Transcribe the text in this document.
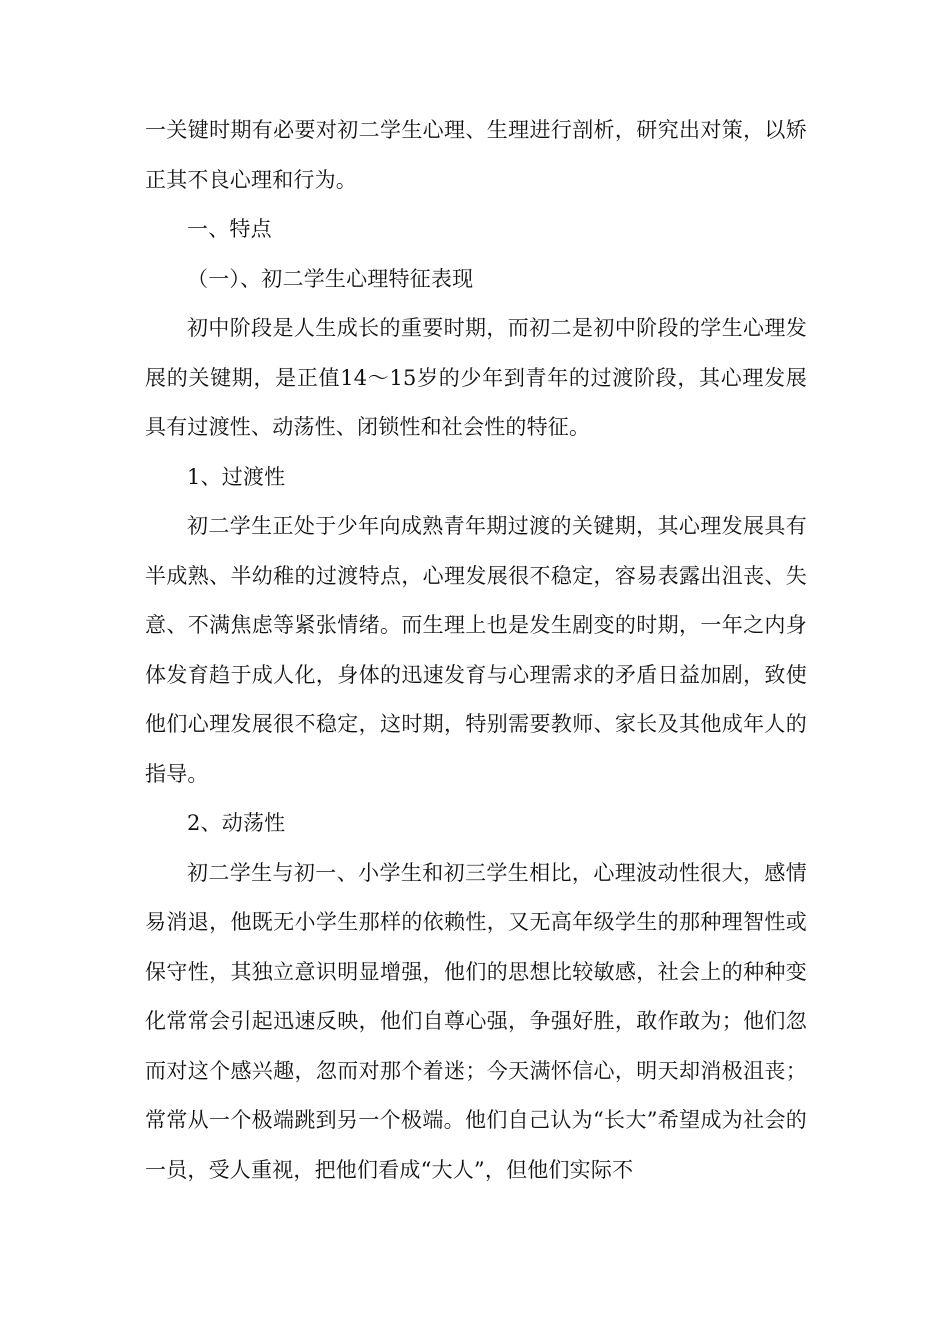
一关键时期有必要对初二学生心理、生理进行剖析，研究出对策，以矫正其不良心理和行为。

一、特点

（一）、初二学生心理特征表现

初中阶段是人生成长的重要时期，而初二是初中阶段的学生心理发展的关键期，是正值14～15岁的少年到青年的过渡阶段，其心理发展具有过渡性、动荡性、闭锁性和社会性的特征。

1、过渡性

初二学生正处于少年向成熟青年期过渡的关键期，其心理发展具有半成熟、半幼稚的过渡特点，心理发展很不稳定，容易表露出沮丧、失意、不满焦虑等紧张情绪。而生理上也是发生剧变的时期，一年之内身体发育趋于成人化，身体的迅速发育与心理需求的矛盾日益加剧，致使他们心理发展很不稳定，这时期，特别需要教师、家长及其他成年人的指导。

2、动荡性

初二学生与初一、小学生和初三学生相比，心理波动性很大，感情易消退，他既无小学生那样的依赖性，又无高年级学生的那种理智性或保守性，其独立意识明显增强，他们的思想比较敏感，社会上的种种变化常常会引起迅速反映，他们自尊心强，争强好胜，敢作敢为；他们忽而对这个感兴趣，忽而对那个着迷；今天满怀信心，明天却消极沮丧；常常从一个极端跳到另一个极端。他们自己认为“长大”希望成为社会的一员，受人重视，把他们看成“大人”，但他们实际不
